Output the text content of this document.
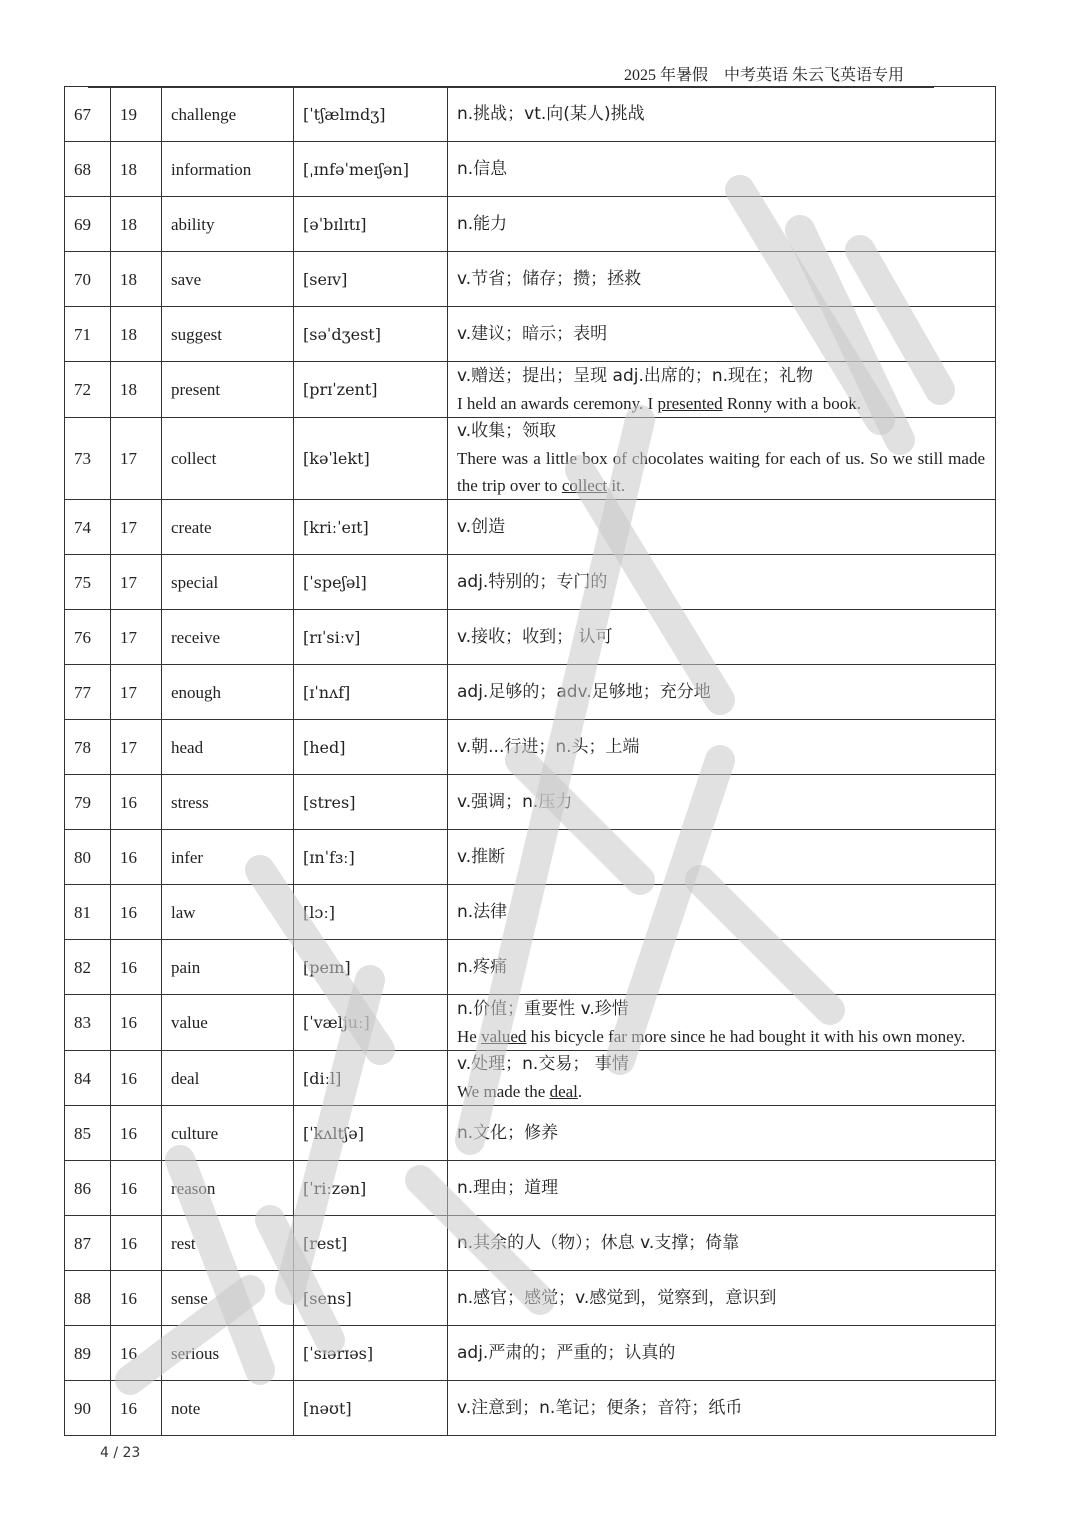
2025 年暑假　中考英语 朱云飞英语专用
67	19	challenge	[ˈtʃælɪndʒ]	n.挑战；vt.向(某人)挑战

68	18	information	[ˌɪnfəˈmeɪʃən]	n.信息

69	18	ability	[əˈbɪlɪtɪ]	n.能力

70	18	save	[seɪv]	v.节省；储存；攒；拯救

71	18	suggest	[səˈdʒest]	v.建议；暗示；表明

72	18	present	[prɪˈzent]	v.赠送；提出；呈现 adj.出席的；n.现在；礼物
I held an awards ceremony. I presented Ronny with a book.

73	17	collect	[kəˈlekt]	v.收集；领取
There was a little box of chocolates waiting for each of us. So we still made the trip over to collect it.

74	17	create	[kriːˈeɪt]	v.创造

75	17	special	[ˈspeʃəl]	adj.特别的；专门的

76	17	receive	[rɪˈsiːv]	v.接收；收到； 认可

77	17	enough	[ɪˈnʌf]	adj.足够的；adv.足够地；充分地

78	17	head	[hed]	v.朝...行进；n.头；上端

79	16	stress	[stres]	v.强调；n.压力

80	16	infer	[ɪnˈfɜː]	v.推断

81	16	law	[lɔː]	n.法律

82	16	pain	[peɪn]	n.疼痛

83	16	value	[ˈvæljuː]	n.价值；重要性 v.珍惜
He valued his bicycle far more since he had bought it with his own money.

84	16	deal	[diːl]	v.处理；n.交易； 事情
We made the deal.

85	16	culture	[ˈkʌltʃə]	n.文化；修养

86	16	reason	[ˈriːzən]	n.理由；道理

87	16	rest	[rest]	n.其余的人（物）；休息 v.支撑；倚靠

88	16	sense	[sens]	n.感官；感觉；v.感觉到，觉察到，意识到

89	16	serious	[ˈsɪərɪəs]	adj.严肃的；严重的；认真的

90	16	note	[nəʊt]	v.注意到；n.笔记；便条；音符；纸币
4 / 23
